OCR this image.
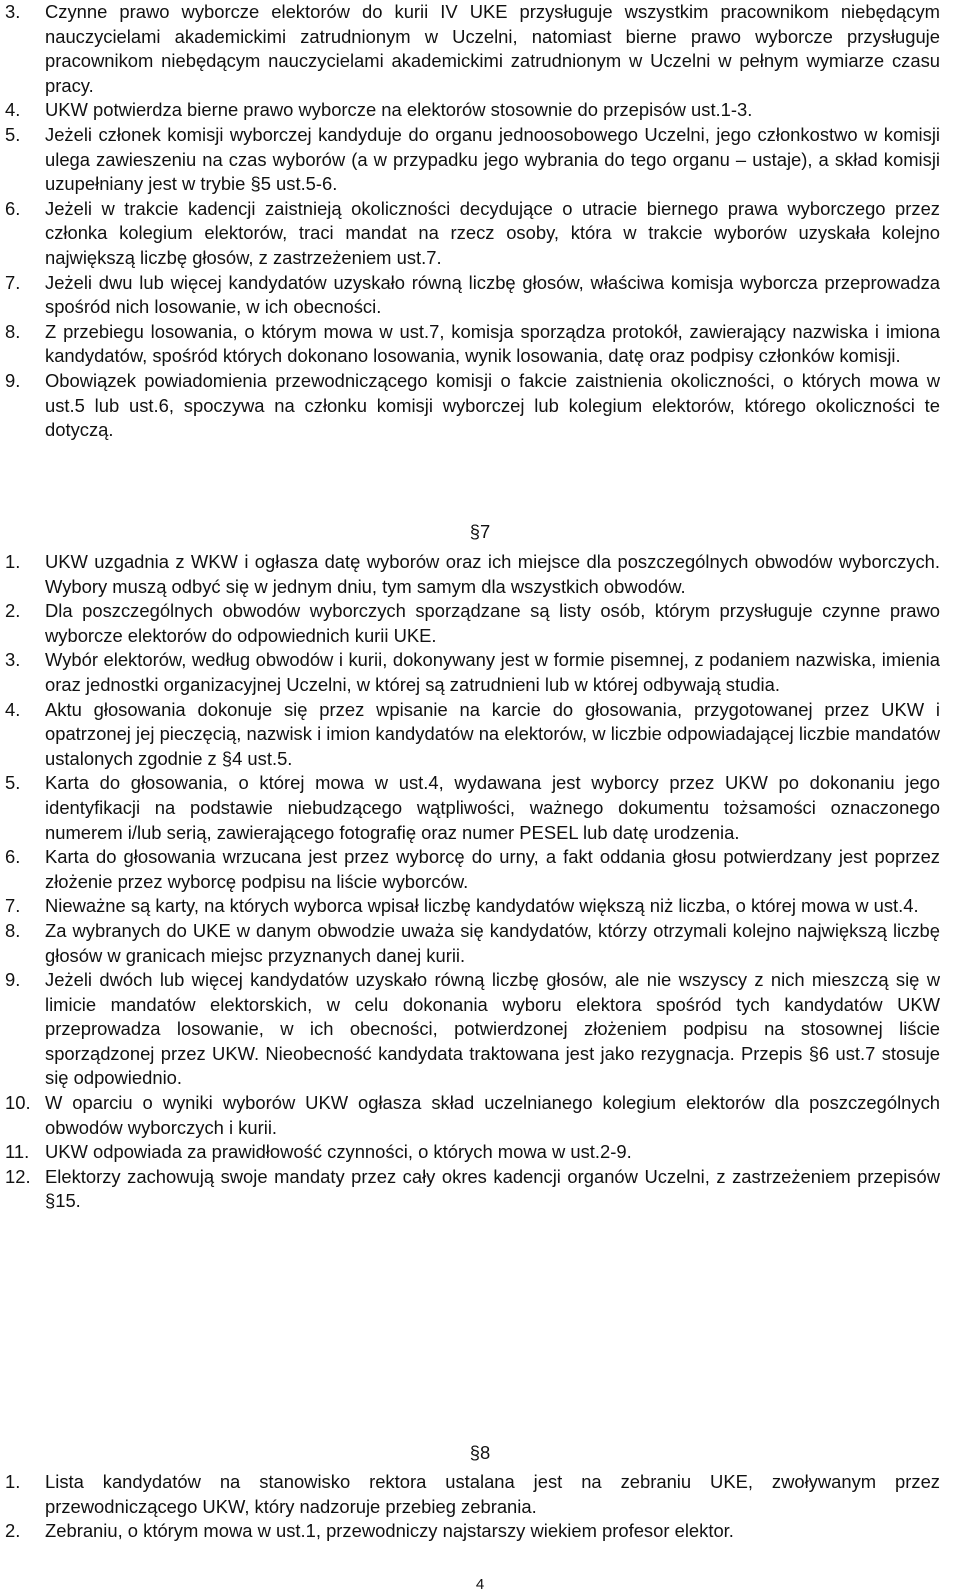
3.	Czynne prawo wyborcze elektorów do kurii IV UKE przysługuje wszystkim pracownikom niebędącym nauczycielami akademickimi zatrudnionym w Uczelni, natomiast bierne prawo wyborcze przysługuje pracownikom niebędącym nauczycielami akademickimi zatrudnionym w Uczelni w pełnym wymiarze czasu pracy.
4.	UKW potwierdza bierne prawo wyborcze na elektorów stosownie do przepisów ust.1-3.
5.	Jeżeli członek komisji wyborczej kandyduje do organu jednoosobowego Uczelni, jego członkostwo w komisji ulega zawieszeniu na czas wyborów (a w przypadku jego wybrania do tego organu – ustaje), a skład komisji uzupełniany jest w trybie §5 ust.5-6.
6.	Jeżeli w trakcie kadencji zaistnieją okoliczności decydujące o utracie biernego prawa wyborczego przez członka kolegium elektorów, traci mandat na rzecz osoby, która w trakcie wyborów uzyskała kolejno największą liczbę głosów, z zastrzeżeniem ust.7.
7.	Jeżeli dwu lub więcej kandydatów uzyskało równą liczbę głosów, właściwa komisja wyborcza przeprowadza spośród nich losowanie, w ich obecności.
8.	Z przebiegu losowania, o którym mowa w ust.7, komisja sporządza protokół, zawierający nazwiska i imiona kandydatów, spośród których dokonano losowania, wynik losowania, datę oraz podpisy członków komisji.
9.	Obowiązek powiadomienia przewodniczącego komisji o fakcie zaistnienia okoliczności, o których mowa w ust.5 lub ust.6, spoczywa na członku komisji wyborczej lub kolegium elektorów, którego okoliczności te dotyczą.
§7
1.	UKW uzgadnia z WKW i ogłasza datę wyborów oraz ich miejsce dla poszczególnych obwodów wyborczych. Wybory muszą odbyć się w jednym dniu, tym samym dla wszystkich obwodów.
2.	Dla poszczególnych obwodów wyborczych sporządzane są listy osób, którym przysługuje czynne prawo wyborcze elektorów do odpowiednich kurii UKE.
3.	Wybór elektorów, według obwodów i kurii, dokonywany jest w formie pisemnej, z podaniem nazwiska, imienia oraz jednostki organizacyjnej Uczelni, w której są zatrudnieni lub w której odbywają studia.
4.	Aktu głosowania dokonuje się przez wpisanie na karcie do głosowania, przygotowanej przez UKW i opatrzonej jej pieczęcią, nazwisk i imion kandydatów na elektorów, w liczbie odpowiadającej liczbie mandatów ustalonych zgodnie z §4 ust.5.
5.	Karta do głosowania, o której mowa w ust.4, wydawana jest wyborcy przez UKW po dokonaniu jego identyfikacji na podstawie niebudzącego wątpliwości, ważnego dokumentu tożsamości oznaczonego numerem i/lub serią, zawierającego fotografię oraz numer PESEL lub datę urodzenia.
6.	Karta do głosowania wrzucana jest przez wyborcę do urny, a fakt oddania głosu potwierdzany jest poprzez złożenie przez wyborcę podpisu na liście wyborców.
7.	Nieważne są karty, na których wyborca wpisał liczbę kandydatów większą niż liczba, o której mowa w ust.4.
8.	Za wybranych do UKE w danym obwodzie uważa się kandydatów, którzy otrzymali kolejno największą liczbę głosów w granicach miejsc przyznanych danej kurii.
9.	Jeżeli dwóch lub więcej kandydatów uzyskało równą liczbę głosów, ale nie wszyscy z nich mieszczą się w limicie mandatów elektorskich, w celu dokonania wyboru elektora spośród tych kandydatów UKW przeprowadza losowanie, w ich obecności, potwierdzonej złożeniem podpisu na stosownej liście sporządzonej przez UKW. Nieobecność kandydata traktowana jest jako rezygnacja. Przepis §6 ust.7 stosuje się odpowiednio.
10. W oparciu o wyniki wyborów UKW ogłasza skład uczelnianego kolegium elektorów dla poszczególnych obwodów wyborczych i kurii.
11. UKW odpowiada za prawidłowość czynności, o których mowa w ust.2-9.
12. Elektorzy zachowują swoje mandaty przez cały okres kadencji organów Uczelni, z zastrzeżeniem przepisów §15.
§8
1.	Lista kandydatów na stanowisko rektora ustalana jest na zebraniu UKE, zwoływanym przez przewodniczącego UKW, który nadzoruje przebieg zebrania.
2.	Zebraniu, o którym mowa w ust.1, przewodniczy najstarszy wiekiem profesor elektor.
4
